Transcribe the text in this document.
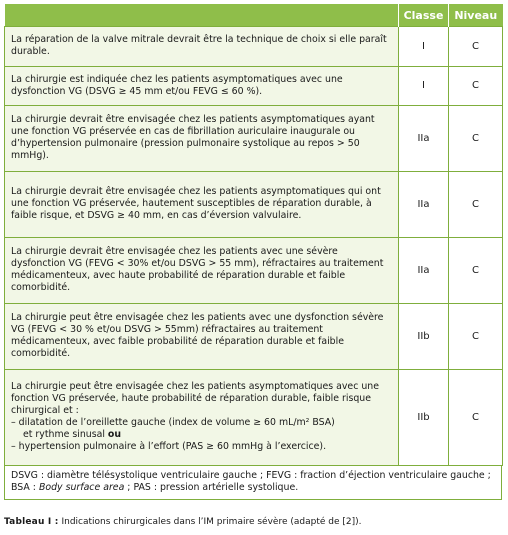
	Classe	Niveau
La réparation de la valve mitrale devrait être la technique de choix si elle paraît durable.	I	C
La chirurgie est indiquée chez les patients asymptomatiques avec une dysfonction VG (DSVG ≥ 45 mm et/ou FEVG ≤ 60 %).	I	C
La chirurgie devrait être envisagée chez les patients asymptomatiques ayant une fonction VG préservée en cas de fibrillation auriculaire inaugurale ou d’hypertension pulmonaire (pression pulmonaire systolique au repos > 50 mmHg).	IIa	C
La chirurgie devrait être envisagée chez les patients asymptomatiques qui ont une fonction VG préservée, hautement susceptibles de réparation durable, à faible risque, et DSVG ≥ 40 mm, en cas d’éversion valvulaire.	IIa	C
La chirurgie devrait être envisagée chez les patients avec une sévère dysfonction VG (FEVG < 30% et/ou DSVG > 55 mm), réfractaires au traitement médicamenteux, avec haute probabilité de réparation durable et faible comorbidité.	IIa	C
La chirurgie peut être envisagée chez les patients avec une dysfonction sévère VG (FEVG < 30 % et/ou DSVG > 55mm) réfractaires au traitement médicamenteux, avec faible probabilité de réparation durable et faible comorbidité.	IIb	C
La chirurgie peut être envisagée chez les patients asymptomatiques avec une fonction VG préservée, haute probabilité de réparation durable, faible risque chirurgical et :
– dilatation de l’oreillette gauche (index de volume ≥ 60 mL/m² BSA)

et rythme sinusal ou
– hypertension pulmonaire à l’effort (PAS ≥ 60 mmHg à l’exercice).	IIb	C
DSVG : diamètre télésystolique ventriculaire gauche ; FEVG : fraction d’éjection ventriculaire gauche ; BSA : Body surface area ; PAS : pression artérielle systolique.
Tableau I : Indications chirurgicales dans l’IM primaire sévère (adapté de [2]).
